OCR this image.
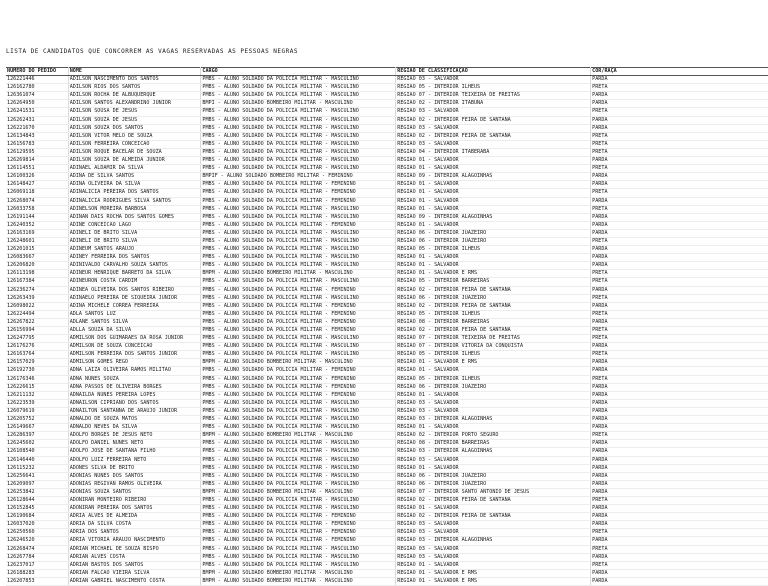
LISTA DE CANDIDATOS QUE CONCORREM AS VAGAS RESERVADAS AS PESSOAS NEGRAS
NUMERO DO PEDIDO	NOME	CARGO	REGIÃO DE CLASSIFICAÇÃO	COR/RAÇA
126221446	ADILSON NASCIMENTO DOS SANTOS	PMBS - ALUNO SOLDADO DA POLICIA MILITAR - MASCULINO	REGIAO 03 - SALVADOR	PARDA
126162780	ADILSON RIOS DOS SANTOS	PMBS - ALUNO SOLDADO DA POLICIA MILITAR - MASCULINO	REGIAO 05 - INTERIOR ILHEUS	PRETA
126361074	ADILSON ROCHA DE ALBUQUERQUE	PMBS - ALUNO SOLDADO DA POLICIA MILITAR - MASCULINO	REGIAO 07 - INTERIOR TEIXEIRA DE FREITAS	PARDA
126264950	ADILSON SANTOS ALEXANDRINO JUNIOR	BMPI - ALUNO SOLDADO BOMBEIRO MILITAR - MASCULINO	REGIAO 02 - INTERIOR ITABUNA	PARDA
126241531	ADILSON SOUSA DE JESUS	PMBS - ALUNO SOLDADO DA POLICIA MILITAR - MASCULINO	REGIAO 03 - SALVADOR	PRETA
126262431	ADILSON SOUZA DE JESUS	PMBS - ALUNO SOLDADO DA POLICIA MILITAR - MASCULINO	REGIAO 02 - INTERIOR FEIRA DE SANTANA	PARDA
126221670	ADILSON SOUZA DOS SANTOS	PMBS - ALUNO SOLDADO DA POLICIA MILITAR - MASCULINO	REGIAO 03 - SALVADOR	PARDA
126134843	ADILSON VITOR MELO DE SOUZA	PMBS - ALUNO SOLDADO DA POLICIA MILITAR - MASCULINO	REGIAO 02 - INTERIOR FEIRA DE SANTANA	PRETA
126156783	ADILSON FERREIRA CONCEICAO	PMBS - ALUNO SOLDADO DA POLICIA MILITAR - MASCULINO	REGIAO 03 - SALVADOR	PRETA
126129595	ADILSON ROQUE BACELAR DE SOUZA	PMBS - ALUNO SOLDADO DA POLICIA MILITAR - MASCULINO	REGIAO 04 - INTERIOR ITABERABA	PRETA
126269814	ADILSON SOUZA DE ALMEIDA JUNIOR	PMBS - ALUNO SOLDADO DA POLICIA MILITAR - MASCULINO	REGIAO 01 - SALVADOR	PARDA
126114551	ADINAEL ALDAMIR DA SILVA	PMBS - ALUNO SOLDADO DA POLICIA MILITAR - MASCULINO	REGIAO 01 - SALVADOR	PRETA
126100326	ADINA DE SILVA SANTOS	BMPIF - ALUNO SOLDADO BOMBEIRO MILITAR - FEMININO	REGIAO 09 - INTERIOR ALAGOINHAS	PARDA
126148427	ADINA OLIVEIRA DA SILVA	PMBS - ALUNO SOLDADO DA POLICIA MILITAR - FEMININO	REGIAO 01 - SALVADOR	PARDA
126069118	ADINALICIA PEREIRA DOS SANTOS	PMBS - ALUNO SOLDADO DA POLICIA MILITAR - FEMININO	REGIAO 01 - SALVADOR	PRETA
126268074	ADINALICIA RODRIGUES SILVA SANTOS	PMBS - ALUNO SOLDADO DA POLICIA MILITAR - FEMININO	REGIAO 01 - SALVADOR	PARDA
126033758	ADINELSON MOREIRA BARBOSA	PMBS - ALUNO SOLDADO DA POLICIA MILITAR - MASCULINO	REGIAO 01 - SALVADOR	PRETA
126191144	ADINAN DAIS ROCHA DOS SANTOS GOMES	PMBS - ALUNO SOLDADO DA POLICIA MILITAR - MASCULINO	REGIAO 09 - INTERIOR ALAGOINHAS	PARDA
126240352	ADINE CONCEICAO LAGO	PMBS - ALUNO SOLDADO DA POLICIA MILITAR - FEMININO	REGIAO 01 - SALVADOR	PARDA
126163169	ADINELI DE BRITO SILVA	PMBS - ALUNO SOLDADO DA POLICIA MILITAR - MASCULINO	REGIAO 06 - INTERIOR JUAZEIRO	PARDA
126248601	ADINELI DE BRITO SILVA	PMBS - ALUNO SOLDADO DA POLICIA MILITAR - MASCULINO	REGIAO 06 - INTERIOR JUAZEIRO	PRETA
126201015	ADINEUM SANTOS ARAUJO	PMBS - ALUNO SOLDADO DA POLICIA MILITAR - MASCULINO	REGIAO 05 - INTERIOR ILHEUS	PARDA
126083667	ADINEY FERREIRA DOS SANTOS	PMBS - ALUNO SOLDADO DA POLICIA MILITAR - MASCULINO	REGIAO 01 - SALVADOR	PARDA
126206820	ADINIVALDO CARVALHO SOUZA SANTOS	PMBS - ALUNO SOLDADO DA POLICIA MILITAR - MASCULINO	REGIAO 01 - SALVADOR	PARDA
126113198	ADINEUR HENRIQUE BARRETO DA SILVA	BMPM - ALUNO SOLDADO BOMBEIRO MILITAR - MASCULINO	REGIAO 01 - SALVADOR E RMS	PRETA
126167384	ADINEURON COSTA CARDIM	PMBS - ALUNO SOLDADO DA POLICIA MILITAR - MASCULINO	REGIAO 05 - INTERIOR BARREIRAS	PRETA
126236274	ADINEA OLIVEIRA DOS SANTOS RIBEIRO	PMBS - ALUNO SOLDADO DA POLICIA MILITAR - FEMININO	REGIAO 02 - INTERIOR FEIRA DE SANTANA	PARDA
126263439	ADINAELO PEREIRA DE SIQUEIRA JUNIOR	PMBS - ALUNO SOLDADO DA POLICIA MILITAR - MASCULINO	REGIAO 06 - INTERIOR JUAZEIRO	PRETA
126098022	ADINA MICHELE CORREA FERREIRA	PMBS - ALUNO SOLDADO DA POLICIA MILITAR - FEMININO	REGIAO 02 - INTERIOR FEIRA DE SANTANA	PARDA
126224494	ADLA SANTOS LUZ	PMBS - ALUNO SOLDADO DA POLICIA MILITAR - FEMININO	REGIAO 05 - INTERIOR ILHEUS	PRETA
126267822	ADLANE SANTOS SILVA	PMBS - ALUNO SOLDADO DA POLICIA MILITAR - FEMININO	REGIAO 08 - INTERIOR BARREIRAS	PARDA
126156994	ADLLA SOUZA DA SILVA	PMBS - ALUNO SOLDADO DA POLICIA MILITAR - FEMININO	REGIAO 02 - INTERIOR FEIRA DE SANTANA	PRETA
126247795	ADMILSON DOS GUIMARAES DA ROSA JUNIOR	PMBS - ALUNO SOLDADO DA POLICIA MILITAR - MASCULINO	REGIAO 07 - INTERIOR TEIXEIRA DE FREITAS	PRETA
126176276	ADMILSON DE SOUZA CONCEICAO	PMBS - ALUNO SOLDADO DA POLICIA MILITAR - MASCULINO	REGIAO 07 - INTERIOR VITORIA DA CONQUISTA	PARDA
126163764	ADMILSON FERREIRA DOS SANTOS JUNIOR	PMBS - ALUNO SOLDADO DA POLICIA MILITAR - MASCULINO	REGIAO 05 - INTERIOR ILHEUS	PRETA
126157029	ADMILSON GOMES REGO	BMPM - ALUNO SOLDADO BOMBEIRO MILITAR - MASCULINO	REGIAO 01 - SALVADOR E RMS	PARDA
126192730	ADNA LAIZA OLIVEIRA RAMOS MILITAO	PMBS - ALUNO SOLDADO DA POLICIA MILITAR - FEMININO	REGIAO 01 - SALVADOR	PARDA
126176346	ADNA NUNES SOUZA	PMBS - ALUNO SOLDADO DA POLICIA MILITAR - FEMININO	REGIAO 05 - INTERIOR ILHEUS	PRETA
126226615	ADNA PASSOS DE OLIVEIRA BORGES	PMBS - ALUNO SOLDADO DA POLICIA MILITAR - FEMININO	REGIAO 06 - INTERIOR JUAZEIRO	PARDA
126211132	ADNAILDA NUNES PEREIRA LOPES	PMBS - ALUNO SOLDADO DA POLICIA MILITAR - FEMININO	REGIAO 01 - SALVADOR	PARDA
126223539	ADNAILSON CIPRIANO DOS SANTOS	PMBS - ALUNO SOLDADO DA POLICIA MILITAR - MASCULINO	REGIAO 03 - SALVADOR	PARDA
126079619	ADNAILTON SANTANNA DE ARAUJO JUNIOR	PMBS - ALUNO SOLDADO DA POLICIA MILITAR - MASCULINO	REGIAO 03 - SALVADOR	PARDA
126205752	ADNALDO DE SOUZA MATOS	PMBS - ALUNO SOLDADO DA POLICIA MILITAR - MASCULINO	REGIAO 03 - INTERIOR ALAGOINHAS	PARDA
126149667	ADNALDO NEVES DA SILVA	PMBS - ALUNO SOLDADO DA POLICIA MILITAR - MASCULINO	REGIAO 01 - SALVADOR	PARDA
126286397	ADOLFO BORGES DE JESUS NETO	BMPM - ALUNO SOLDADO BOMBEIRO MILITAR - MASCULINO	REGIAO 02 - INTERIOR PORTO SEGURO	PRETA
126245602	ADOLFO DANIEL NUNES NETO	PMBS - ALUNO SOLDADO DA POLICIA MILITAR - MASCULINO	REGIAO 08 - INTERIOR BARREIRAS	PARDA
126108540	ADOLFO JOSE DE SANTANA FILHO	PMBS - ALUNO SOLDADO DA POLICIA MILITAR - MASCULINO	REGIAO 03 - INTERIOR ALAGOINHAS	PARDA
126146440	ADOLFO LUIZ FERREIRA NETO	PMBS - ALUNO SOLDADO DA POLICIA MILITAR - MASCULINO	REGIAO 03 - SALVADOR	PARDA
126115232	ADONES SILVA DE BRITO	PMBS - ALUNO SOLDADO DA POLICIA MILITAR - MASCULINO	REGIAO 01 - SALVADOR	PARDA
126256641	ADONIAS NUNES DOS SANTOS	PMBS - ALUNO SOLDADO DA POLICIA MILITAR - MASCULINO	REGIAO 06 - INTERIOR JUAZEIRO	PARDA
126209097	ADONIAS REGIVAN RAMOS OLIVEIRA	PMBS - ALUNO SOLDADO DA POLICIA MILITAR - MASCULINO	REGIAO 06 - INTERIOR JUAZEIRO	PARDA
126253842	ADONIAS SOUZA SANTOS	BMPM - ALUNO SOLDADO BOMBEIRO MILITAR - MASCULINO	REGIAO 07 - INTERIOR SANTO ANTONIO DE JESUS	PARDA
126128644	ADONIRAN MONTEIRO RIBEIRO	PMBS - ALUNO SOLDADO DA POLICIA MILITAR - MASCULINO	REGIAO 02 - INTERIOR FEIRA DE SANTANA	PRETA
126152845	ADONIRAN PEREIRA DOS SANTOS	PMBS - ALUNO SOLDADO DA POLICIA MILITAR - MASCULINO	REGIAO 01 - SALVADOR	PARDA
126190684	ADRIA ALVES DE ALMEIDA	PMBS - ALUNO SOLDADO DA POLICIA MILITAR - FEMININO	REGIAO 02 - INTERIOR FEIRA DE SANTANA	PARDA
126037020	ADRIA DA SILVA COSTA	PMBS - ALUNO SOLDADO DA POLICIA MILITAR - FEMININO	REGIAO 03 - SALVADOR	PARDA
126250560	ADRIA DOS SANTOS	PMBS - ALUNO SOLDADO DA POLICIA MILITAR - FEMININO	REGIAO 03 - SALVADOR	PRETA
126246520	ADRIA VITORIA ARAUJO NASCIMENTO	PMBS - ALUNO SOLDADO DA POLICIA MILITAR - FEMININO	REGIAO 03 - INTERIOR ALAGOINHAS	PARDA
126268474	ADRIAN MICHAEL DE SOUZA BISPO	PMBS - ALUNO SOLDADO DA POLICIA MILITAR - MASCULINO	REGIAO 03 - SALVADOR	PRETA
126267784	ADRIAN ALVES COSTA	PMBS - ALUNO SOLDADO DA POLICIA MILITAR - MASCULINO	REGIAO 03 - SALVADOR	PARDA
126237017	ADRIAN BASTOS DOS SANTOS	PMBS - ALUNO SOLDADO DA POLICIA MILITAR - MASCULINO	REGIAO 01 - SALVADOR	PRETA
126188283	ADRIAN FALCAO VIEIRA SILVA	BMPM - ALUNO SOLDADO BOMBEIRO MILITAR - MASCULINO	REGIAO 01 - SALVADOR E RMS	PARDA
126207853	ADRIAN GABRIEL NASCIMENTO COSTA	BMPM - ALUNO SOLDADO BOMBEIRO MILITAR - MASCULINO	REGIAO 01 - SALVADOR E RMS	PARDA
